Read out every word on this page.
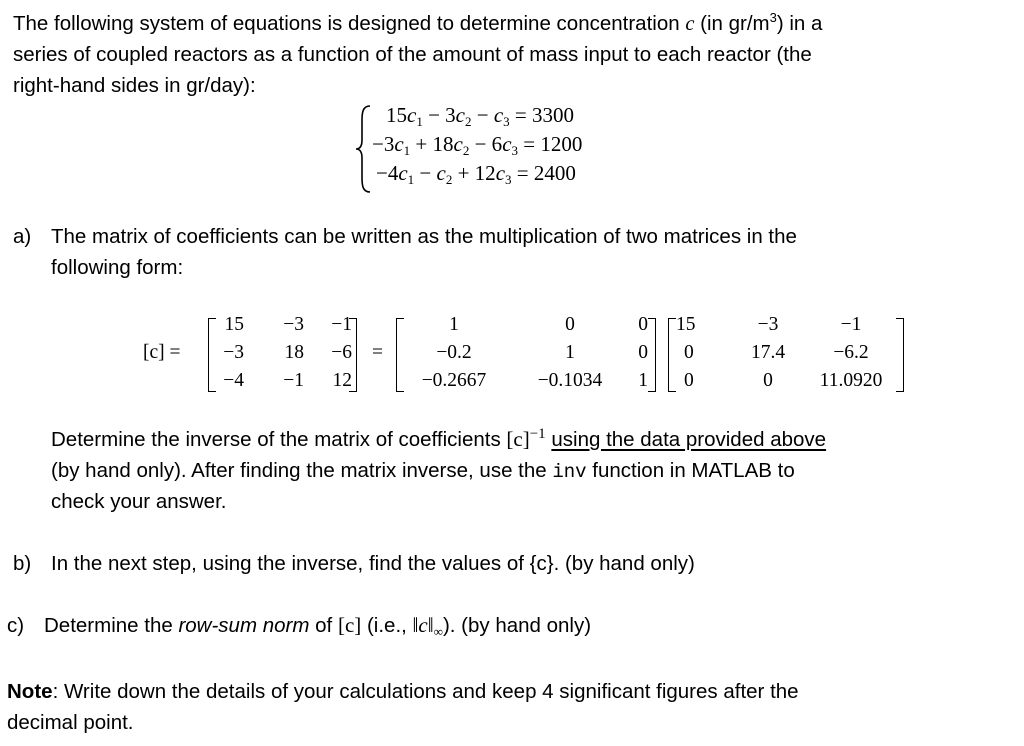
The following system of equations is designed to determine concentration c (in $gr/m^3$) in a
series of coupled reactors as a function of the amount of mass input to each reactor (the
right-hand sides in gr/day):
$15c_1 - 3c_2 - c_3 = 3300$
$-3c_1 + 18c_2 - 6c_3 = 1200$
$-4c_1 - c_2 + 12c_3 = 2400$
a) The matrix of coefficients can be written as the multiplication of two matrices in the
following form:
[c] =
15	−3	−1
−3	18	−6
−4	−1	12
=
1	0	0
−0.2	1	0
−0.2667	−0.1034	1
15	−3	−1
0	17.4	−6.2
0	0	11.0920
Determine the inverse of the matrix of coefficients $[c]^{-1}$ using the data provided above
(by hand only). After finding the matrix inverse, use the inv function in MATLAB to
check your answer.
b) In the next step, using the inverse, find the values of {c}. (by hand only)
c) Determine the row-sum norm of [c] (i.e., $‖c‖_\infty$). (by hand only)
Note: Write down the details of your calculations and keep 4 significant figures after the
decimal point.
